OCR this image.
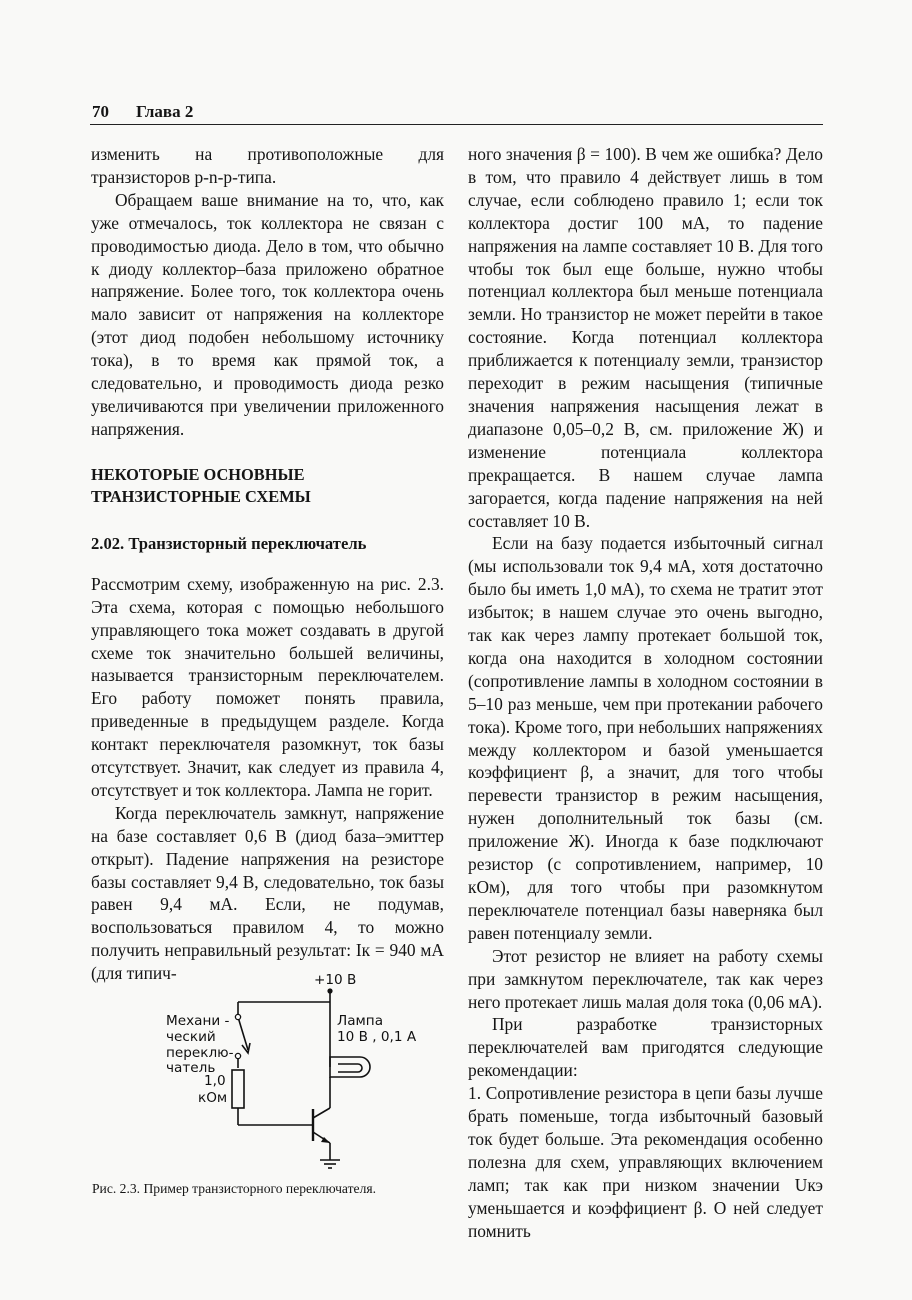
70 Глава 2

изменить на противоположные для транзисторов p-n-p-типа.

Обращаем ваше внимание на то, что, как уже отмечалось, ток коллектора не связан с проводимостью диода. Дело в том, что обычно к диоду коллектор–база приложено обратное напряжение. Более того, ток коллектора очень мало зависит от напряжения на коллекторе (этот диод подобен небольшому источнику тока), в то время как прямой ток, а следовательно, и проводимость диода резко увеличиваются при увеличении приложенного напряжения.

НЕКОТОРЫЕ ОСНОВНЫЕ
ТРАНЗИСТОРНЫЕ СХЕМЫ
2.02. Транзисторный переключатель

Рассмотрим схему, изображенную на рис. 2.3. Эта схема, которая с помощью небольшого управляющего тока может создавать в другой схеме ток значительно большей величины, называется транзисторным переключателем. Его работу поможет понять правила, приведенные в предыдущем разделе. Когда контакт переключателя разомкнут, ток базы отсутствует. Значит, как следует из правила 4, отсутствует и ток коллектора. Лампа не горит.

Когда переключатель замкнут, напряжение на базе составляет 0,6 В (диод база–эмиттер открыт). Падение напряжения на резисторе базы составляет 9,4 В, следовательно, ток базы равен 9,4 мА. Если, не подумав, воспользоваться правилом 4, то можно получить неправильный результат: Iк = 940 мА (для типич-	+10 В
Механи -
ческий
переклю-
чатель
1,0
кОм
Лампа
10 В , 0,1 А
Рис. 2.3. Пример транзисторного переключателя.

ного значения β = 100). В чем же ошибка? Дело в том, что правило 4 действует лишь в том случае, если соблюдено правило 1; если ток коллектора достиг 100 мА, то падение напряжения на лампе составляет 10 В. Для того чтобы ток был еще больше, нужно чтобы потенциал коллектора был меньше потенциала земли. Но транзистор не может перейти в такое состояние. Когда потенциал коллектора приближается к потенциалу земли, транзистор переходит в режим насыщения (типичные значения напряжения насыщения лежат в диапазоне 0,05–0,2 В, см. приложение Ж) и изменение потенциала коллектора прекращается. В нашем случае лампа загорается, когда падение напряжения на ней составляет 10 В.

Если на базу подается избыточный сигнал (мы использовали ток 9,4 мА, хотя достаточно было бы иметь 1,0 мА), то схема не тратит этот избыток; в нашем случае это очень выгодно, так как через лампу протекает большой ток, когда она находится в холодном состоянии (сопротивление лампы в холодном состоянии в 5–10 раз меньше, чем при протекании рабочего тока). Кроме того, при небольших напряжениях между коллектором и базой уменьшается коэффициент β, а значит, для того чтобы перевести транзистор в режим насыщения, нужен дополнительный ток базы (см. приложение Ж). Иногда к базе подключают резистор (с сопротивлением, например, 10 кОм), для того чтобы при разомкнутом переключателе потенциал базы наверняка был равен потенциалу земли.

Этот резистор не влияет на работу схемы при замкнутом переключателе, так как через него протекает лишь малая доля тока (0,06 мА).

При разработке транзисторных переключателей вам пригодятся следующие рекомендации:

1. Сопротивление резистора в цепи базы лучше брать поменьше, тогда избыточный базовый ток будет больше. Эта рекомендация особенно полезна для схем, управляющих включением ламп; так как при низком значении Uкэ уменьшается и коэффициент β. О ней следует помнить
